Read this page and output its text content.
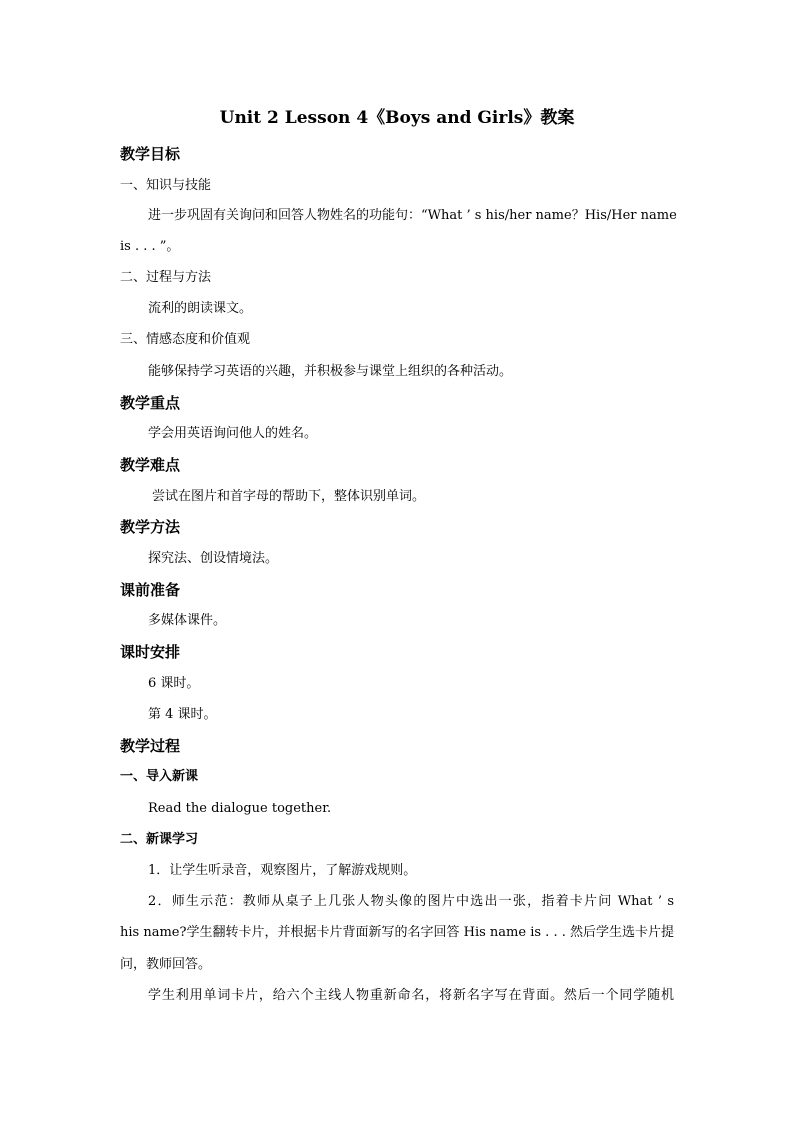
Unit 2 Lesson 4《Boys and Girls》教案
教学目标
一、知识与技能
进一步巩固有关询问和回答人物姓名的功能句：“What ’ s his/her name？His/Her name
is . . . ”。
二、过程与方法
流利的朗读课文。
三、情感态度和价值观
能够保持学习英语的兴趣，并积极参与课堂上组织的各种活动。
教学重点
学会用英语询问他人的姓名。
教学难点
尝试在图片和首字母的帮助下，整体识别单词。
教学方法
探究法、创设情境法。
课前准备
多媒体课件。
课时安排
6 课时。
第 4 课时。
教学过程
一、导入新课
Read the dialogue together.
二、新课学习
1．让学生听录音，观察图片，了解游戏规则。
2．师生示范：教师从桌子上几张人物头像的图片中选出一张，指着卡片问 What ’ s
his name?学生翻转卡片，并根据卡片背面新写的名字回答 His name is . . . 然后学生选卡片提
问，教师回答。
学生利用单词卡片，给六个主线人物重新命名，将新名字写在背面。然后一个同学随机
